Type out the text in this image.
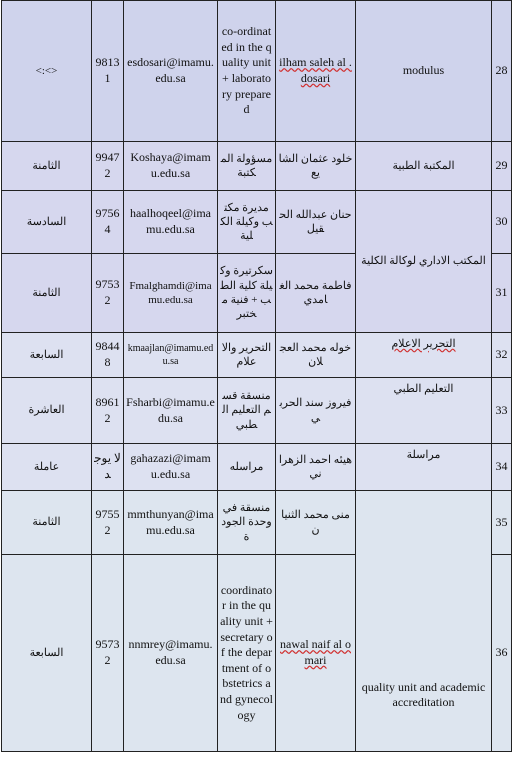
<:<>	9813 1	esdosari@imamu.edu.sa	co-ordinated in the quality unit + laboratory prepared	ilham saleh al . dosari	modulus	28
الثامنة	9947 2	Koshaya@imamu.edu.sa	مسؤولة المكتبة	خلود عثمان الشايع	المكتبة الطبية	29
السادسة	9756 4	haalhoqeel@imamu.edu.sa	مديرة مكتب وكيلة الكلية	حنان عبدالله الحقيل	المكتب الاداري لوكالة الكلية	30
الثامنة	9753 2	Fmalghamdi@imamu.edu.sa	سكرتيرة وكيلة كلية الطب + فنية مختبر	فاطمة محمد الغامدي		31
السابعة	9844 8	kmaajlan@imamu.edu.sa	التحرير والاعلام	خوله محمد العجلان	التحرير الاعلام	32
العاشرة	8961 2	Fsharbi@imamu.edu.sa	منسقة قسم التعليم الطبي	فيروز سند الحربي	التعليم الطبي	33
عاملة	لا يوجد	gahazazi@imamu.edu.sa	مراسله	هيئه احمد الزهراني	مراسلة	34
الثامنة	9755 2	mmthunyan@imamu.edu.sa	منسقة في وحدة الجودة	منى محمد الثنيان	quality unit and academic accreditation	35
السابعة	9573 2	nnmrey@imamu.edu.sa	coordinator in the quality unit + secretary of the department of obstetrics and gynecology	nawal naif al omari		36
